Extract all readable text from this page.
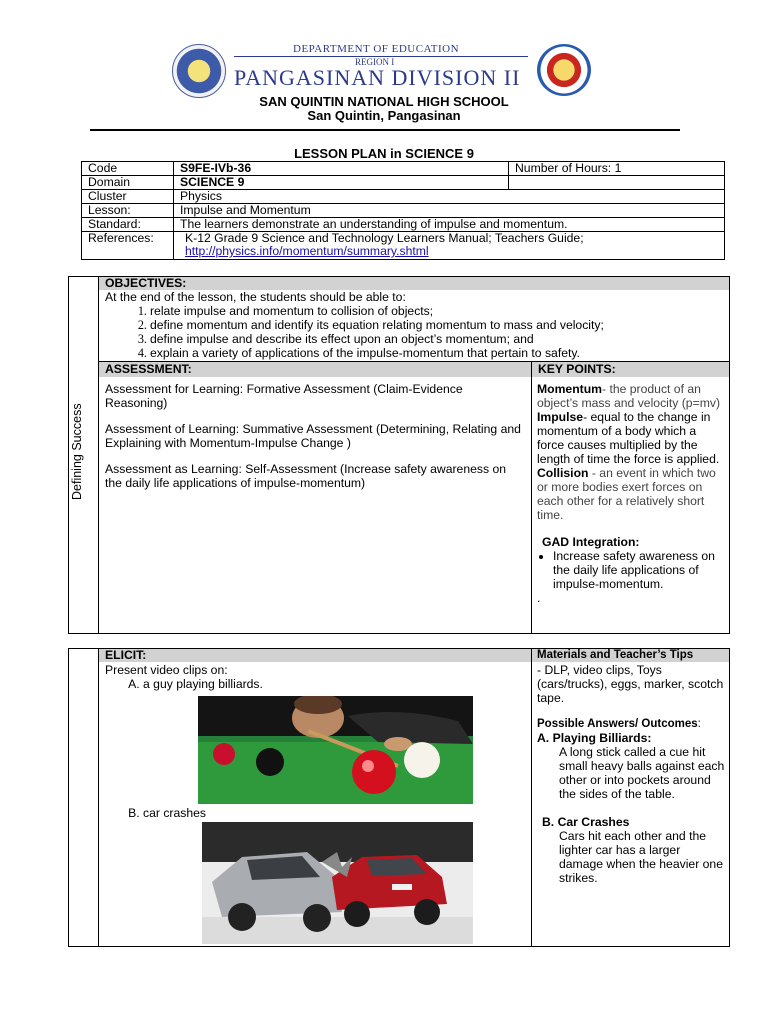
DEPARTMENT OF EDUCATION
REGION I
PANGASINAN DIVISION II
SAN QUINTIN NATIONAL HIGH SCHOOL
San Quintin, Pangasinan
LESSON PLAN in SCIENCE 9
Code	S9FE-IVb-36	Number of Hours: 1
Domain	SCIENCE 9	
Cluster	Physics	
Lesson:	Impulse and Momentum	
Standard:	The learners demonstrate an understanding of impulse and momentum.	
References:	K-12 Grade 9 Science and Technology Learners Manual; Teachers Guide;
http://physics.info/momentum/summary.shtml	
Defining Success
OBJECTIVES:

At the end of the lesson, the students should be able to:

1. relate impulse and momentum to collision of objects;
2. define momentum and identify its equation relating momentum to mass and velocity;
3. define impulse and describe its effect upon an object’s momentum; and
4. explain a variety of applications of the impulse-momentum that pertain to safety.
ASSESSMENT:	KEY POINTS:

Assessment for Learning: Formative Assessment (Claim-Evidence Reasoning)

Assessment of Learning: Summative Assessment (Determining, Relating and Explaining with Momentum-Impulse Change )

Assessment as Learning: Self-Assessment (Increase safety awareness on the daily life applications of impulse-momentum)

Momentum- the product of an object’s mass and velocity (p=mv)

Impulse- equal to the change in momentum of a body which a force causes multiplied by the length of time the force is applied.

Collision - an event in which two or more bodies exert forces on each other for a relatively short time.

GAD Integration:

• Increase safety awareness on the daily life applications of impulse-momentum.

.

ELICIT:	Materials and Teacher’s Tips

Present video clips on:

A. a guy playing billiards.
B. car crashes

- DLP, video clips, Toys (cars/trucks), eggs, marker, scotch tape.

Possible Answers/ Outcomes:

A. Playing Billiards:

A long stick called a cue hit small heavy balls against each other or into pockets around the sides of the table.

B. Car Crashes

Cars hit each other and the lighter car has a larger damage when the heavier one strikes.
